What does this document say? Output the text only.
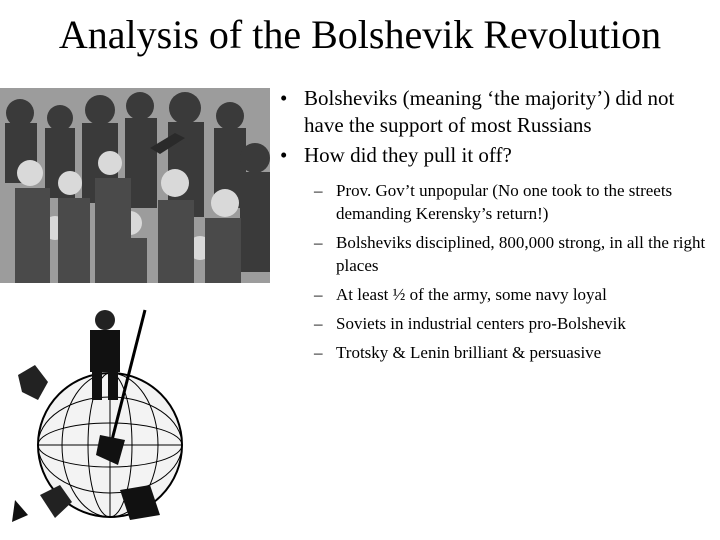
Analysis of the Bolshevik Revolution
• Bolsheviks (meaning ‘the majority’) did not have the support of most Russians
• How did they pull it off?
– Prov. Gov’t unpopular (No one took to the streets demanding Kerensky’s return!)
– Bolsheviks disciplined, 800,000 strong, in all the right places
– At least ½ of the army, some navy loyal
– Soviets in industrial centers pro-Bolshevik
– Trotsky & Lenin brilliant & persuasive
